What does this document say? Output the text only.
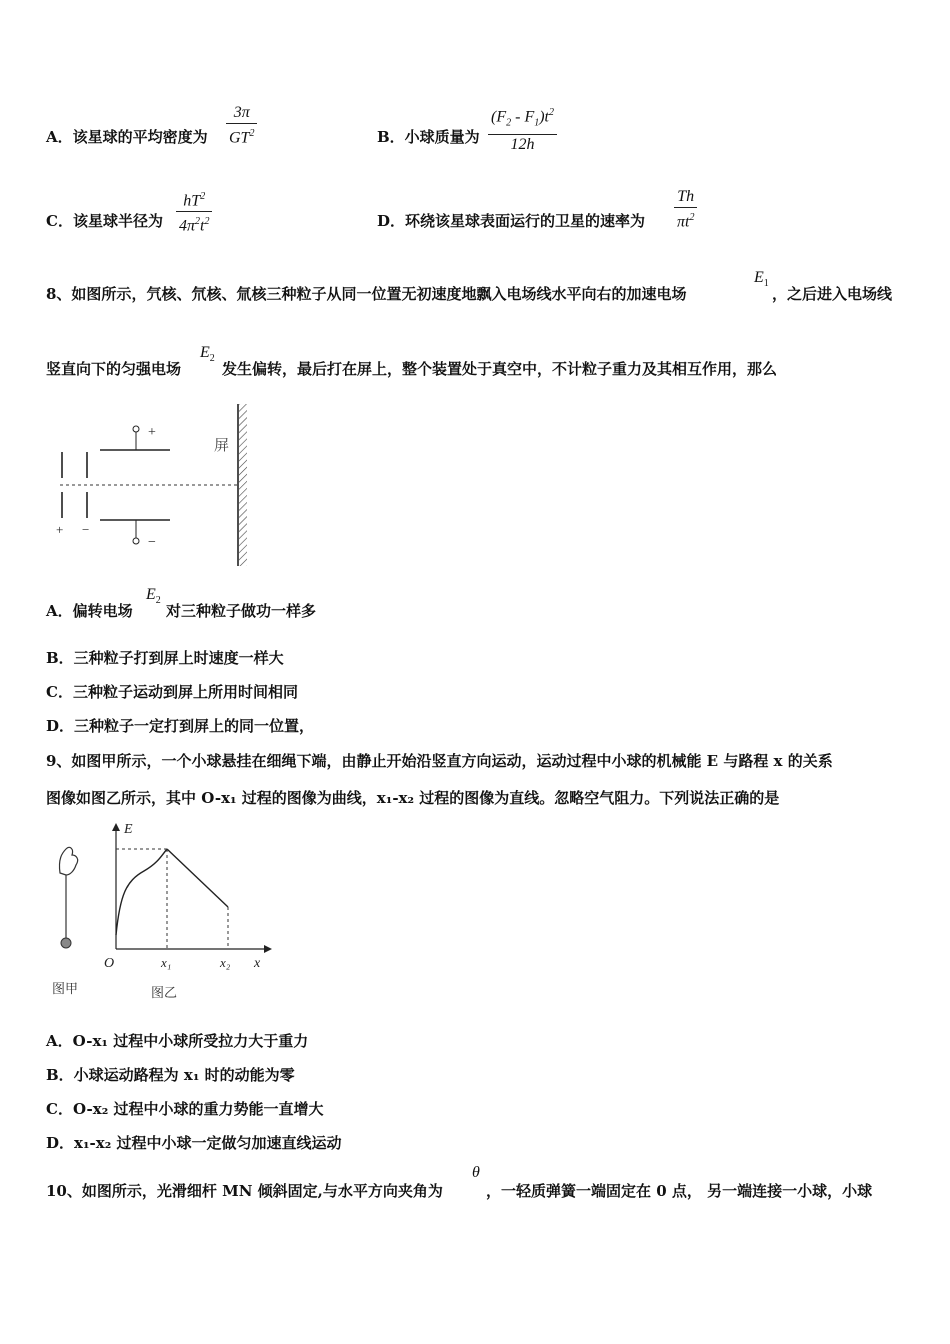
A．该星球的平均密度为
3π
$GT^2$	B．小球质量为
$(F_2 - F_1)t^2$
12h
C．该星球半径为
$hT^2$
$4\pi^2t^2$	D．环绕该星球表面运行的卫星的速率为
Th
$\pi t^2$
8、如图所示，氕核、氘核、氚核三种粒子从同一位置无初速度地飘入电场线水平向右的加速电场
$E_1$
，之后进入电场线
竖直向下的匀强电场
$E_2$
发生偏转，最后打在屏上，整个装置处于真空中，不计粒子重力及其相互作用，那么
+ −
+
−
屏
A．偏转电场
$E_2$
对三种粒子做功一样多
B．三种粒子打到屏上时速度一样大
C．三种粒子运动到屏上所用时间相同
D．三种粒子一定打到屏上的同一位置，
9、如图甲所示，一个小球悬挂在细绳下端，由静止开始沿竖直方向运动，运动过程中小球的机械能 E 与路程 x 的关系
图像如图乙所示，其中 O-x₁ 过程的图像为曲线，x₁-x₂ 过程的图像为直线。忽略空气阻力。下列说法正确的是
E
x
O	x₁	x₂
图甲	图乙
A．O-x₁ 过程中小球所受拉力大于重力
B．小球运动路程为 x₁ 时的动能为零
C．O-x₂ 过程中小球的重力势能一直增大
D．x₁-x₂ 过程中小球一定做匀加速直线运动
10、如图所示，光滑细杆 MN 倾斜固定,与水平方向夹角为
θ
，一轻质弹簧一端固定在 0 点， 另一端连接一小球，小球
